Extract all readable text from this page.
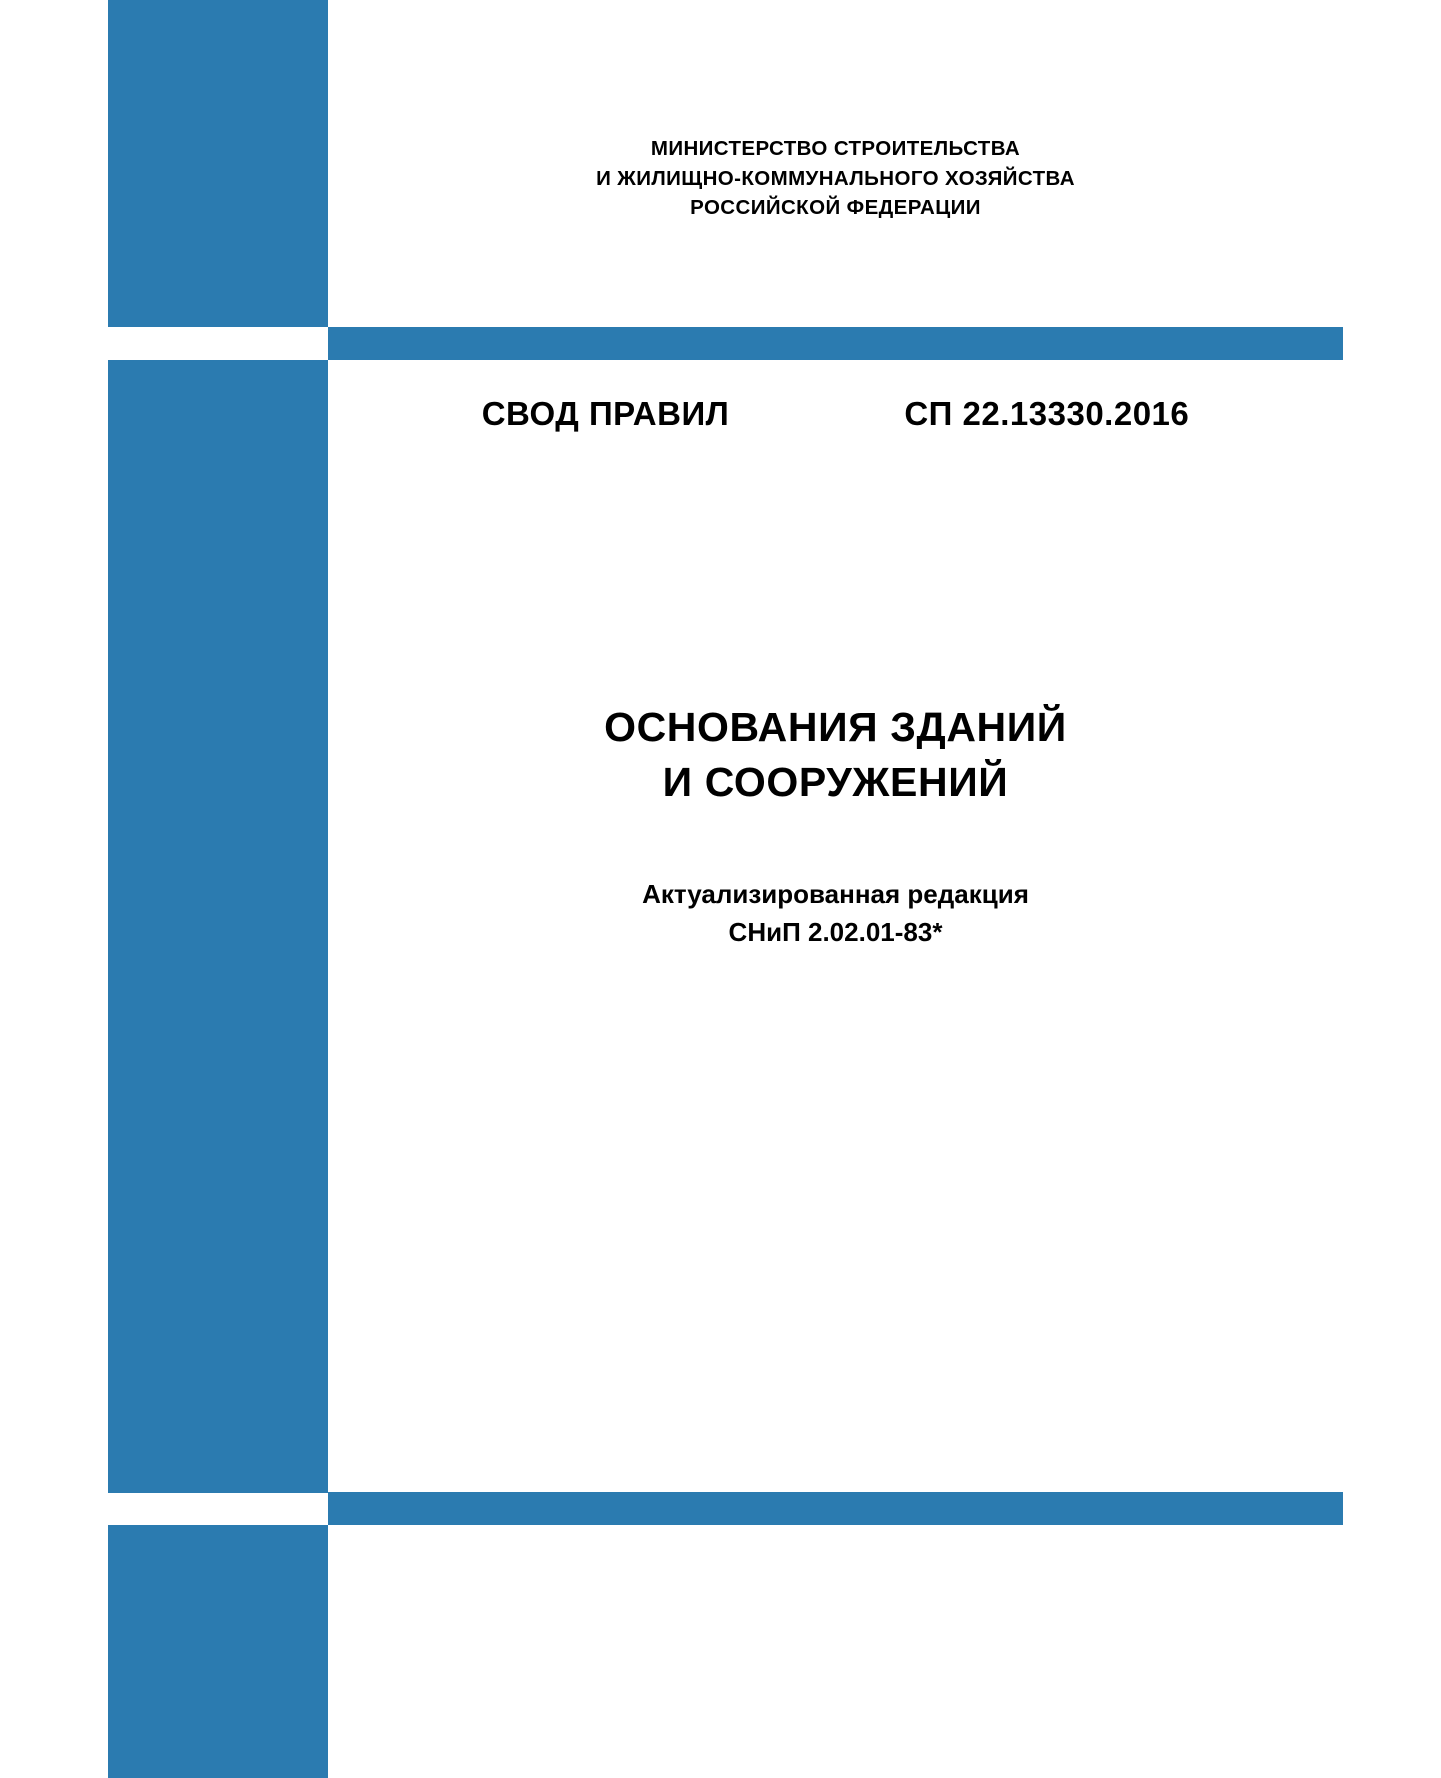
МИНИСТЕРСТВО СТРОИТЕЛЬСТВА
И ЖИЛИЩНО-КОММУНАЛЬНОГО ХОЗЯЙСТВА
РОССИЙСКОЙ ФЕДЕРАЦИИ
СВОД ПРАВИЛ	СП 22.13330.2016
ОСНОВАНИЯ ЗДАНИЙ
И СООРУЖЕНИЙ
Актуализированная редакция
СНиП 2.02.01-83*
